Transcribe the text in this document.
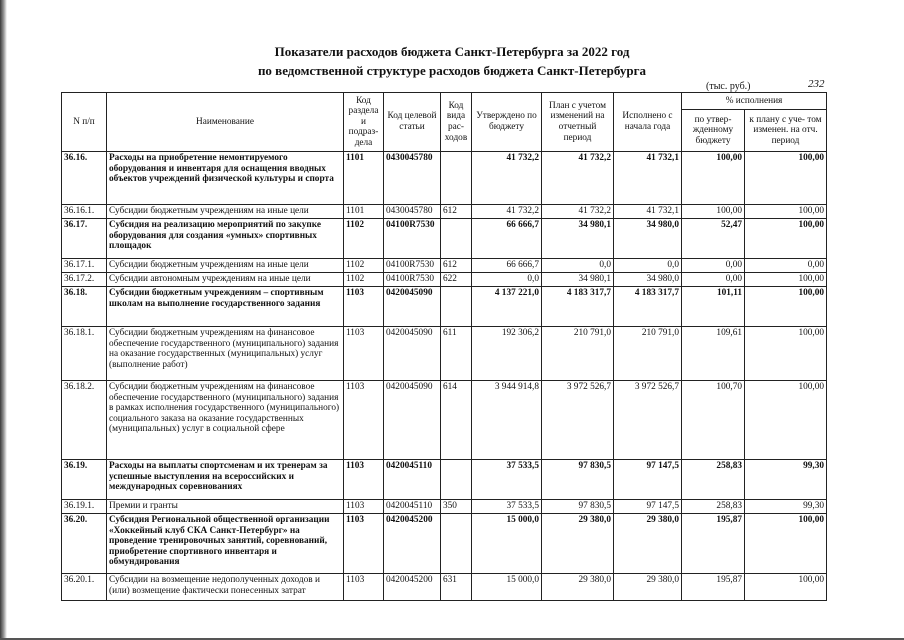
Показатели расходов бюджета Санкт-Петербурга за 2022 год
по ведомственной структуре расходов бюджета Санкт-Петербурга
(тыс. руб.)	232
N п/п	Наименование	Код раздела и подраз- дела	Код целевой статьи	Код вида рас- ходов	Утверждено по бюджету	План с учетом изменений на отчетный период	Исполнено с начала года	% исполнения	
								по утвер- жденному бюджету	к плану с уче- том изменен. на отч. период
36.16.	Расходы на приобретение немонтируемого оборудования и инвентаря для оснащения вводных объектов учреждений физической культуры и спорта	1101	0430045780		41 732,2	41 732,2	41 732,1	100,00	100,00
36.16.1.	Субсидии бюджетным учреждениям на иные цели	1101	0430045780	612	41 732,2	41 732,2	41 732,1	100,00	100,00
36.17.	Субсидия на реализацию мероприятий по закупке оборудования для создания «умных» спортивных площадок	1102	04100R7530		66 666,7	34 980,1	34 980,0	52,47	100,00
36.17.1.	Субсидии бюджетным учреждениям на иные цели	1102	04100R7530	612	66 666,7	0,0	0,0	0,00	0,00
36.17.2.	Субсидии автономным учреждениям на иные цели	1102	04100R7530	622	0,0	34 980,1	34 980,0	0,00	100,00
36.18.	Субсидии бюджетным учреждениям – спортивным школам на выполнение государственного задания	1103	0420045090		4 137 221,0	4 183 317,7	4 183 317,7	101,11	100,00
36.18.1.	Субсидии бюджетным учреждениям на финансовое обеспечение государственного (муниципального) задания на оказание государственных (муниципальных) услуг (выполнение работ)	1103	0420045090	611	192 306,2	210 791,0	210 791,0	109,61	100,00
36.18.2.	Субсидии бюджетным учреждениям на финансовое обеспечение государственного (муниципального) задания в рамках исполнения государственного (муниципального) социального заказа на оказание государственных (муниципальных) услуг в социальной сфере	1103	0420045090	614	3 944 914,8	3 972 526,7	3 972 526,7	100,70	100,00
36.19.	Расходы на выплаты спортсменам и их тренерам за успешные выступления на всероссийских и международных соревнованиях	1103	0420045110		37 533,5	97 830,5	97 147,5	258,83	99,30
36.19.1.	Премии и гранты	1103	0420045110	350	37 533,5	97 830,5	97 147,5	258,83	99,30
36.20.	Субсидия Региональной общественной организации «Хоккейный клуб СКА Санкт-Петербург» на проведение тренировочных занятий, соревнований, приобретение спортивного инвентаря и обмундирования	1103	0420045200		15 000,0	29 380,0	29 380,0	195,87	100,00
36.20.1.	Субсидии на возмещение недополученных доходов и (или) возмещение фактически понесенных затрат	1103	0420045200	631	15 000,0	29 380,0	29 380,0	195,87	100,00
